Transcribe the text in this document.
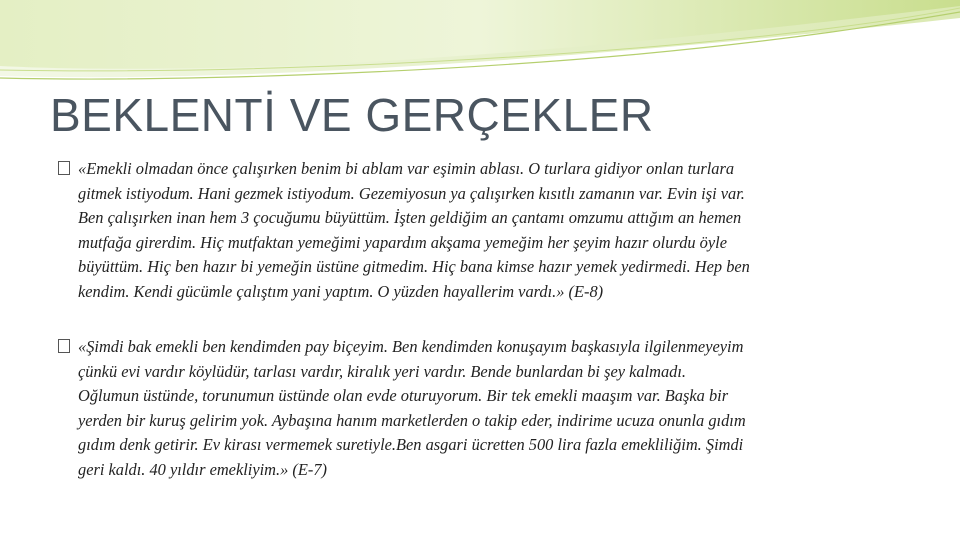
BEKLENTİ VE GERÇEKLER

«Emekli olmadan önce çalışırken benim bi ablam var eşimin ablası. O turlara gidiyor onlan turlara
gitmek istiyodum. Hani gezmek istiyodum. Gezemiyosun ya çalışırken kısıtlı zamanın var. Evin işi var.
Ben çalışırken inan hem 3 çocuğumu büyüttüm. İşten geldiğim an çantamı omzumu attığım an hemen
mutfağa girerdim. Hiç mutfaktan yemeğimi yapardım akşama yemeğim her şeyim hazır olurdu öyle
büyüttüm. Hiç ben hazır bi yemeğin üstüne gitmedim. Hiç bana kimse hazır yemek yedirmedi. Hep ben
kendim. Kendi gücümle çalıştım yani yaptım. O yüzden hayallerim vardı.» (E-8)

«Şimdi bak emekli ben kendimden pay biçeyim. Ben kendimden konuşayım başkasıyla ilgilenmeyeyim
çünkü evi vardır köylüdür, tarlası vardır, kiralık yeri vardır. Bende bunlardan bi şey kalmadı.
Oğlumun üstünde, torunumun üstünde olan evde oturuyorum. Bir tek emekli maaşım var. Başka bir
yerden bir kuruş gelirim yok. Aybaşına hanım marketlerden o takip eder, indirime ucuza onunla gıdım
gıdım denk getirir. Ev kirası vermemek suretiyle.Ben asgari ücretten 500 lira fazla emekliliğim. Şimdi
geri kaldı. 40 yıldır emekliyim.» (E-7)
